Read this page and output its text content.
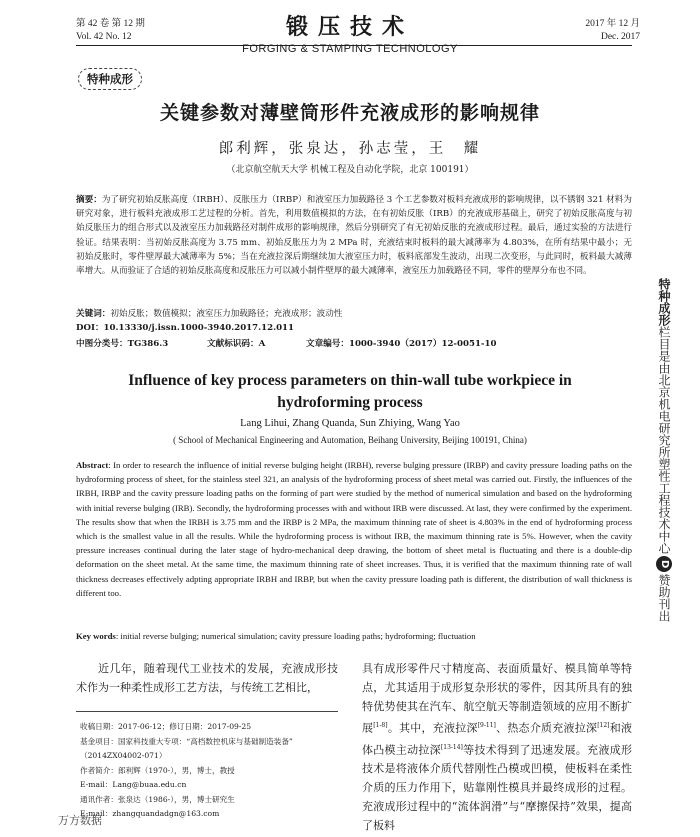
第 42 卷 第 12 期
Vol. 42 No. 12	锻压技术
FORGING & STAMPING TECHNOLOGY
2017 年 12 月
Dec. 2017
特种成形
关键参数对薄壁筒形件充液成形的影响规律
郎利辉，张泉达，孙志莹，王　耀
（北京航空航天大学 机械工程及自动化学院，北京 100191）
摘要：为了研究初始反胀高度（IRBH）、反胀压力（IRBP）和液室压力加载路径 3 个工艺参数对板料充液成形的影响规律，以不锈钢 321 材料为研究对象，进行板料充液成形工艺过程的分析。首先，利用数值模拟的方法，在有初始反胀（IRB）的充液成形基础上，研究了初始反胀高度与初始反胀压力的组合形式以及液室压力加载路径对制件成形的影响规律，然后分别研究了有无初始反胀的充液成形过程。最后，通过实验的方法进行验证。结果表明：当初始反胀高度为 3.75 mm、初始反胀压力为 2 MPa 时，充液结束时板料的最大减薄率为 4.803%，在所有结果中最小；无初始反胀时，零件壁厚最大减薄率为 5%；当在充液拉深后期继续加大液室压力时，板料底部发生波动，出现二次变形，与此同时，板料最大减薄率增大。从而验证了合适的初始反胀高度和反胀压力可以减小制件壁厚的最大减薄率，液室压力加载路径不同，零件的壁厚分布也不同。
关键词：初始反胀；数值模拟；液室压力加载路径；充液成形；波动性
DOI：10.13330/j.issn.1000-3940.2017.12.011
中图分类号：TG386.3	文献标识码：A	文章编号：1000-3940（2017）12-0051-10
Influence of key process parameters on thin-wall tube workpiece in hydroforming process
Lang Lihui, Zhang Quanda, Sun Zhiying, Wang Yao
( School of Mechanical Engineering and Automation, Beihang University, Beijing 100191, China)
Abstract: In order to research the influence of initial reverse bulging height (IRBH), reverse bulging pressure (IRBP) and cavity pressure loading paths on the hydroforming process of sheet, for the stainless steel 321, an analysis of the hydroforming process of sheet metal was carried out. Firstly, the influences of the IRBH, IRBP and the cavity pressure loading paths on the forming of part were studied by the method of numerical simulation and based on the hydroforming with initial reverse bulging (IRB). Secondly, the hydroforming processes with and without IRB were discussed. At last, they were confirmed by the experiment. The results show that when the IRBH is 3.75 mm and the IRBP is 2 MPa, the maximum thinning rate of sheet is 4.803% in the end of hydroforming process which is the smallest value in all the results. While the hydroforming process is without IRB, the maximum thinning rate is 5%. However, when the cavity pressure increases continual during the later stage of hydro-mechanical deep drawing, the bottom of sheet metal is fluctuating and there is a double-dip deformation on the sheet metal. At the same time, the maximum thinning rate of sheet increases. Thus, it is verified that the maximum thinning rate of wall thickness decreases effectively adpting appropriate IRBH and IRBP, but when the cavity pressure loading path is different, the distribution of wall thickness is different too.
Key words: initial reverse bulging; numerical simulation; cavity pressure loading paths; hydroforming; fluctuation
近几年，随着现代工业技术的发展，充液成形技术作为一种柔性成形工艺方法，与传统工艺相比，
具有成形零件尺寸精度高、表面质量好、模具简单等特点，尤其适用于成形复杂形状的零件，因其所具有的独特优势使其在汽车、航空航天等制造领域的应用不断扩展[1-8]。其中，充液拉深[9-11]、热态介质充液拉深[12]和液体凸模主动拉深[13-14]等技术得到了迅速发展。充液成形技术是将液体介质代替刚性凸模或凹模，使板料在柔性介质的压力作用下，贴靠刚性模具并最终成形的过程。充液成形过程中的“流体润滑”与“摩擦保持”效果，提高了板料
收稿日期：2017-06-12；修订日期：2017-09-25
基金项目：国家科技重大专项：“高档数控机床与基础制造装备”
（2014ZX04002-071）
作者简介：郎利辉（1970-），男，博士，教授
E-mail：Lang@buaa.edu.cn
通讯作者：张泉达（1986-），男，博士研究生
E-mail：zhangquandadgn@163.com
万方数据
特种成形栏目是由北京机电研究所塑性工程技术中心D赞助刊出
